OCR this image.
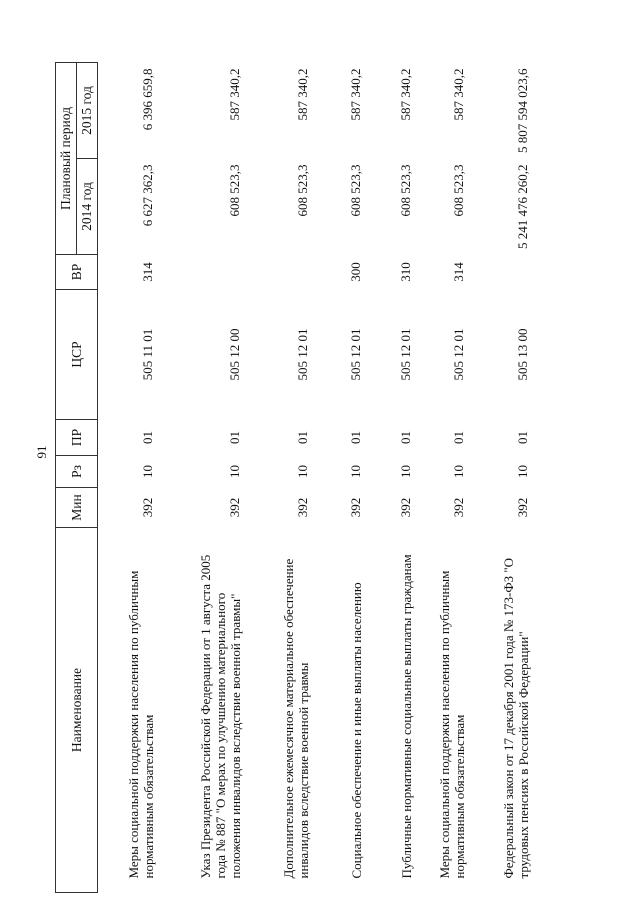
91
Наименование	Мин	Рз	ПР	ЦСР	ВР	Плановый период	
						2014 год	2015 год
Меры социальной поддержки населения по публичным нормативным обязательствам	392	10	01	505 11 01	314	6 627 362,3	6 396 659,8
Указ Президента Российской Федерации от 1 августа 2005 года № 887 "О мерах по улучшению материального положения инвалидов вследствие военной травмы"	392	10	01	505 12 00		608 523,3	587 340,2
Дополнительное ежемесячное материальное обеспечение инвалидов вследствие военной травмы	392	10	01	505 12 01		608 523,3	587 340,2
Социальное обеспечение и иные выплаты населению	392	10	01	505 12 01	300	608 523,3	587 340,2
Публичные нормативные социальные выплаты гражданам	392	10	01	505 12 01	310	608 523,3	587 340,2
Меры социальной поддержки населения по публичным нормативным обязательствам	392	10	01	505 12 01	314	608 523,3	587 340,2
Федеральный закон от 17 декабря 2001 года № 173-ФЗ "О трудовых пенсиях в Российской Федерации"	392	10	01	505 13 00		5 241 476 260,2	5 807 594 023,6
